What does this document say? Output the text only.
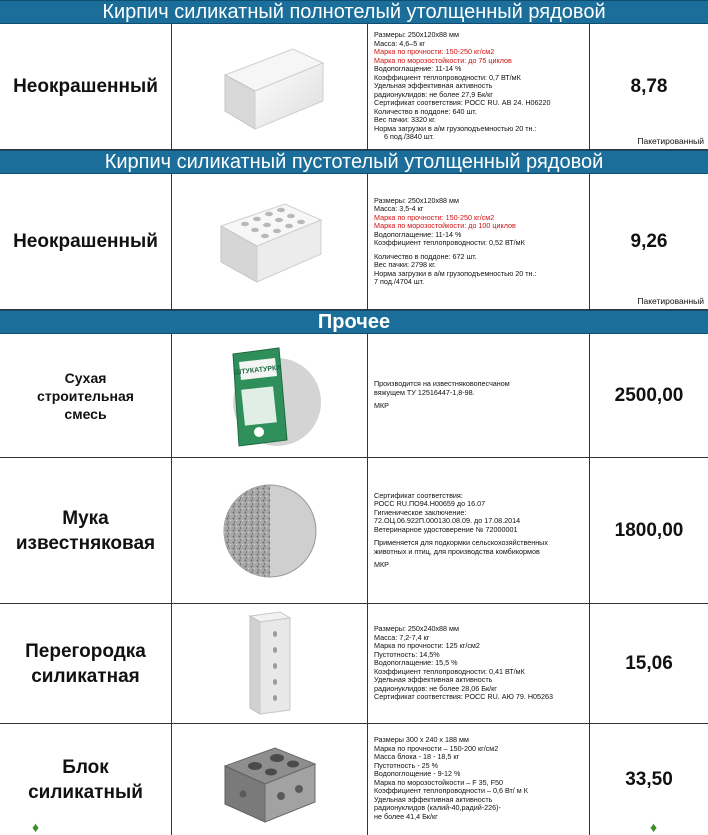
Кирпич силикатный полнотелый утолщенный рядовой
Неокрашенный
Размеры: 250х120х88 мм
Масса: 4,6–5 кг
Марка по прочности: 150-250 кг/см2
Марка по морозостойкости: до 75 циклов
Водопоглащение: 11-14 %
Коэффициент теплопроводности: 0,7 ВТ/мК
Удельная эффективная активность
радионуклидов: не более 27,9 Бк/кг
Сертификат соответствия: РОСС RU. АВ 24. Н06220
Количество в поддоне: 640 шт.
Вес пачки: 3320 кг.
Норма загрузки в а/м грузоподъемностью 20 тн.:
6 под./3840 шт.
8,78
Пакетированный
Кирпич силикатный пустотелый утолщенный рядовой
Неокрашенный
Размеры: 250х120х88 мм
Масса: 3,5-4 кг
Марка по прочности: 150-250 кг/см2
Марка по морозостойкости: до 100 циклов
Водопоглащение: 11-14 %
Коэффициент теплопроводности: 0,52 ВТ/мК
Количество в поддоне: 672 шт.
Вес пачки: 2798 кг.
Норма загрузки в а/м грузоподъемностью 20 тн.:
7 под./4704 шт.
9,26
Пакетированный
Прочее
Сухая строительная смесь
ШТУКАТУРКА
Производится на известняковопесчаном
вяжущем ТУ 12516447-1,8-98.
МКР
2500,00
Мука известняковая
Сертификат соответствия:
РОСС RU.ПО94.Н00659 до 16.07
Гигиеническое заключение:
72.ОЦ.06.922П.000130.08.09. до 17.08.2014
Ветеринарное удостоверение № 72000001
Применяется для подкормки сельскохозяйственных
животных и птиц, для производства комбикормов
МКР
1800,00
Перегородка силикатная
Размеры: 250х240х88 мм
Масса: 7,2-7,4 кг
Марка по прочности: 125 кг/см2
Пустотность: 14,5%
Водопоглащение: 15,5 %
Коэффициент теплопроводности: 0,41 ВТ/мК
Удельная эффективная активность
радионуклидов: не более 28,06 Бк/кг
Сертификат соответствия: РОСС RU. АЮ 79. Н05263
15,06
Блок силикатный
Размеры 300 х 240 х 188 мм
Марка по прочности – 150-200 кг/см2
Масса блока - 18 - 18,5 кг
Пустотность - 25 %
Водопоглощение - 9-12 %
Марка по морозостойкости – F 35, F50
Коэффициент теплопроводности – 0,6 Вт/ м К
Удельная эффективная активность
радионуклидов (калий-40,радий-226)-
не более 41,4 Бк/кг
33,50
♦	♦
